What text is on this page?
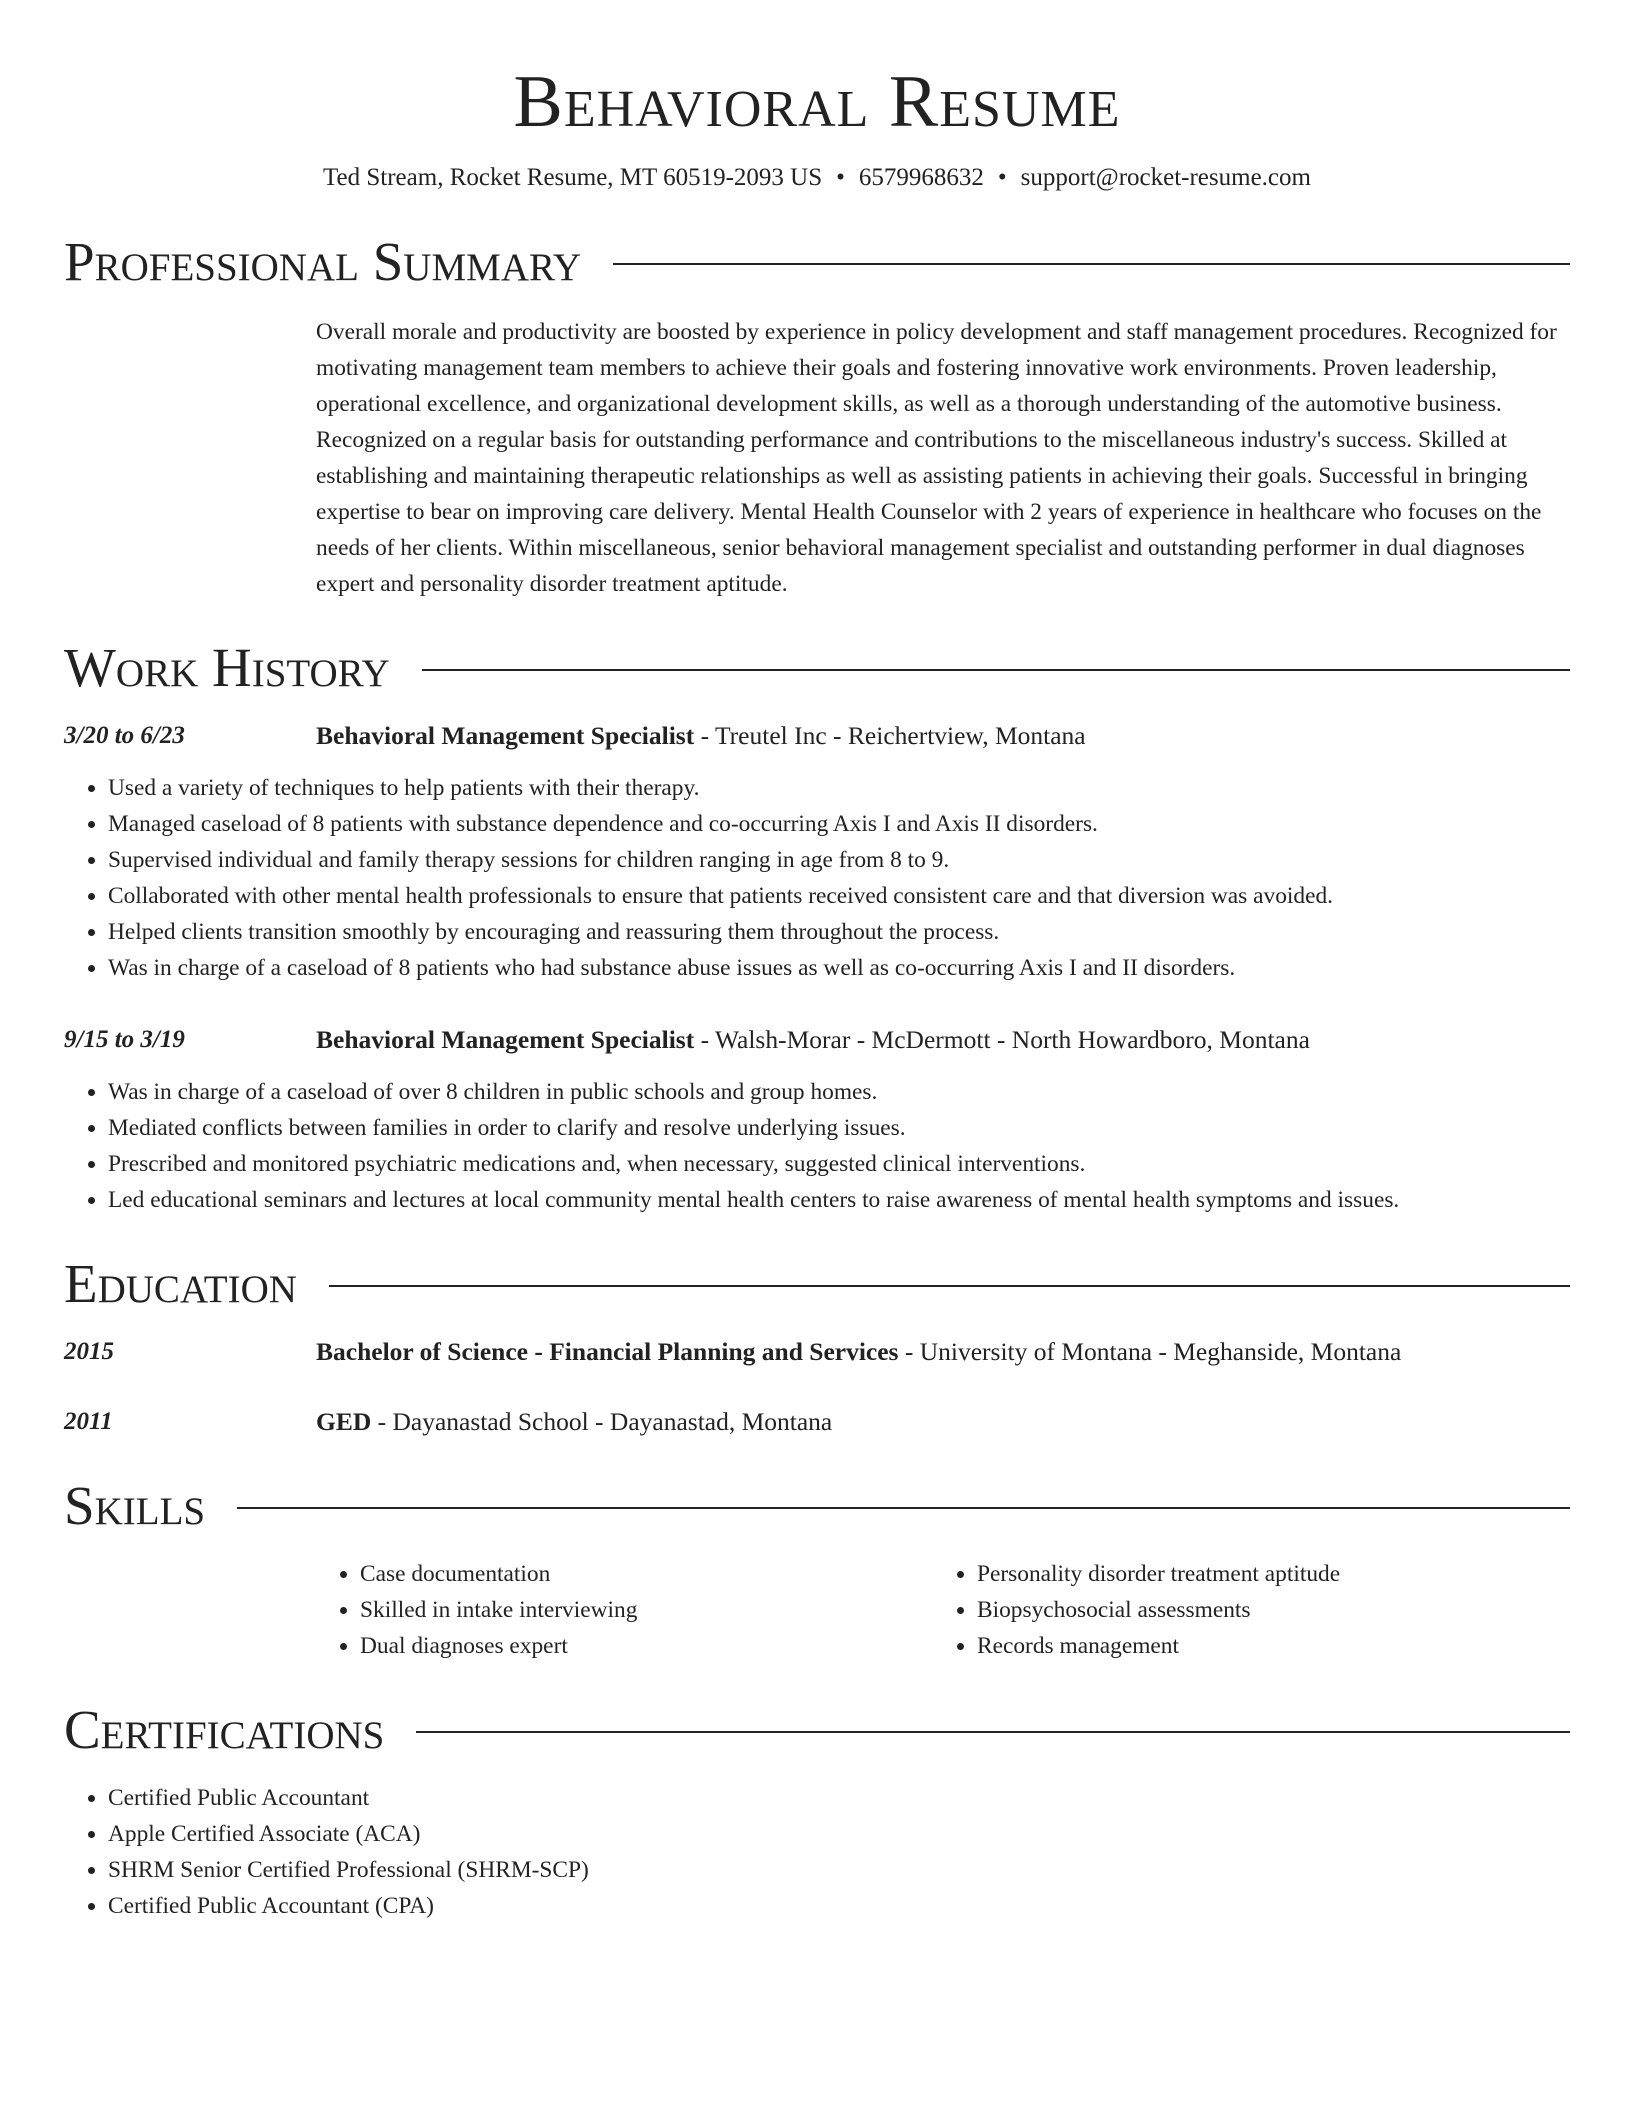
Behavioral Resume
Ted Stream, Rocket Resume, MT 60519-2093 US • 6579968632 • support@rocket-resume.com
Professional Summary
Overall morale and productivity are boosted by experience in policy development and staff management procedures. Recognized for motivating management team members to achieve their goals and fostering innovative work environments. Proven leadership, operational excellence, and organizational development skills, as well as a thorough understanding of the automotive business. Recognized on a regular basis for outstanding performance and contributions to the miscellaneous industry's success. Skilled at establishing and maintaining therapeutic relationships as well as assisting patients in achieving their goals. Successful in bringing expertise to bear on improving care delivery. Mental Health Counselor with 2 years of experience in healthcare who focuses on the needs of her clients. Within miscellaneous, senior behavioral management specialist and outstanding performer in dual diagnoses expert and personality disorder treatment aptitude.
Work History
3/20 to 6/23	Behavioral Management Specialist - Treutel Inc - Reichertview, Montana
• Used a variety of techniques to help patients with their therapy.
• Managed caseload of 8 patients with substance dependence and co-occurring Axis I and Axis II disorders.
• Supervised individual and family therapy sessions for children ranging in age from 8 to 9.
• Collaborated with other mental health professionals to ensure that patients received consistent care and that diversion was avoided.
• Helped clients transition smoothly by encouraging and reassuring them throughout the process.
• Was in charge of a caseload of 8 patients who had substance abuse issues as well as co-occurring Axis I and II disorders.
9/15 to 3/19	Behavioral Management Specialist - Walsh-Morar - McDermott - North Howardboro, Montana
• Was in charge of a caseload of over 8 children in public schools and group homes.
• Mediated conflicts between families in order to clarify and resolve underlying issues.
• Prescribed and monitored psychiatric medications and, when necessary, suggested clinical interventions.
• Led educational seminars and lectures at local community mental health centers to raise awareness of mental health symptoms and issues.
Education
2015	Bachelor of Science - Financial Planning and Services - University of Montana - Meghanside, Montana
2011	GED - Dayanastad School - Dayanastad, Montana
Skills
• Case documentation
• Skilled in intake interviewing
• Dual diagnoses expert
• Personality disorder treatment aptitude
• Biopsychosocial assessments
• Records management
Certifications
• Certified Public Accountant
• Apple Certified Associate (ACA)
• SHRM Senior Certified Professional (SHRM-SCP)
• Certified Public Accountant (CPA)
